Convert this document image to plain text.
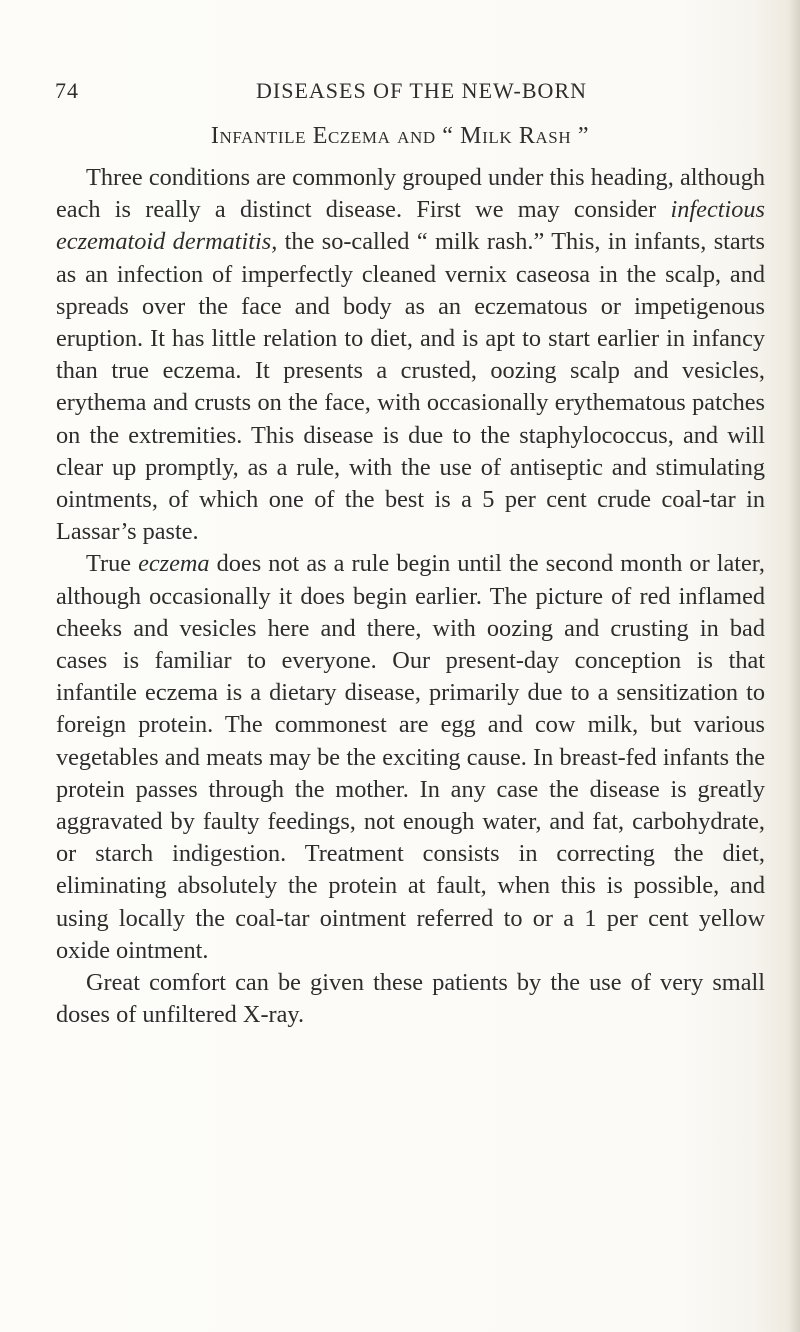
74	DISEASES OF THE NEW-BORN
Infantile Eczema and “ Milk Rash ”

Three conditions are commonly grouped under this heading, although each is really a distinct disease. First we may consider infectious eczematoid dermatitis, the so-called “ milk rash.” This, in infants, starts as an infection of imperfectly cleaned vernix caseosa in the scalp, and spreads over the face and body as an eczematous or impetigenous eruption. It has little relation to diet, and is apt to start earlier in infancy than true eczema. It presents a crusted, oozing scalp and vesicles, erythema and crusts on the face, with occasionally erythematous patches on the extremities. This disease is due to the staphylococcus, and will clear up promptly, as a rule, with the use of antiseptic and stimulating ointments, of which one of the best is a 5 per cent crude coal-tar in Lassar’s paste.

True eczema does not as a rule begin until the second month or later, although occasionally it does begin earlier. The picture of red inflamed cheeks and vesicles here and there, with oozing and crusting in bad cases is familiar to everyone. Our present-day conception is that infantile eczema is a dietary disease, primarily due to a sensitization to foreign protein. The commonest are egg and cow milk, but various vegetables and meats may be the exciting cause. In breast-fed infants the protein passes through the mother. In any case the disease is greatly aggravated by faulty feedings, not enough water, and fat, carbohydrate, or starch indigestion. Treatment consists in correcting the diet, eliminating absolutely the protein at fault, when this is possible, and using locally the coal-tar ointment referred to or a 1 per cent yellow oxide ointment.

Great comfort can be given these patients by the use of very small doses of unfiltered X-ray.
